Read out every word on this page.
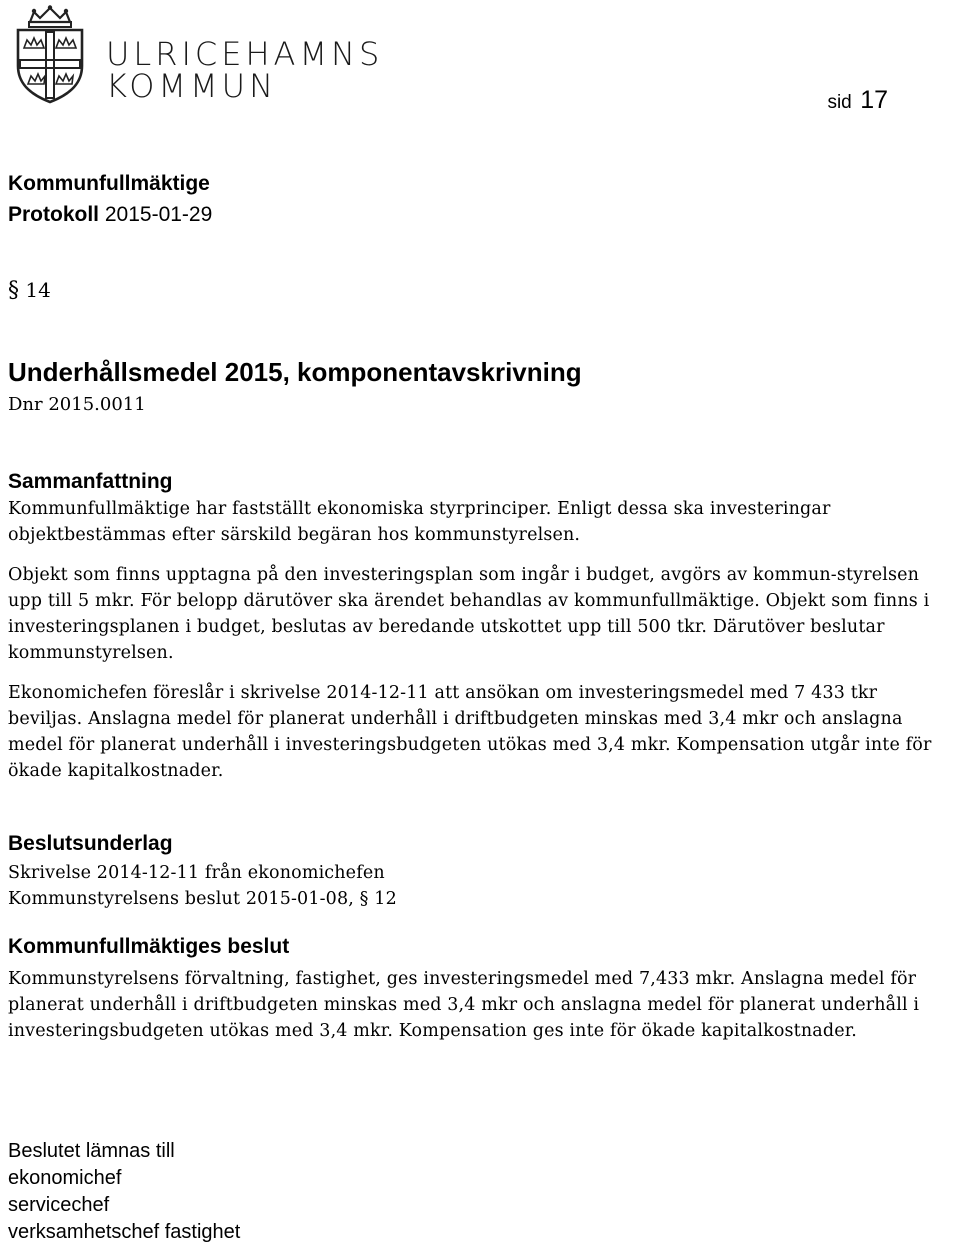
ULRICEHAMNS
KOMMUN	sid 17
Kommunfullmäktige
Protokoll 2015-01-29
§ 14
Underhållsmedel 2015, komponentavskrivning
Dnr 2015.0011
Sammanfattning

Kommunfullmäktige har fastställt ekonomiska styrprinciper. Enligt dessa ska investeringar objektbestämmas efter särskild begäran hos kommunstyrelsen.

Objekt som finns upptagna på den investeringsplan som ingår i budget, avgörs av kommun-styrelsen upp till 5 mkr. För belopp därutöver ska ärendet behandlas av kommunfullmäktige. Objekt som finns i investeringsplanen i budget, beslutas av beredande utskottet upp till 500 tkr. Därutöver beslutar kommunstyrelsen.

Ekonomichefen föreslår i skrivelse 2014-12-11 att ansökan om investeringsmedel med 7 433 tkr beviljas. Anslagna medel för planerat underhåll i driftbudgeten minskas med 3,4 mkr och anslagna medel för planerat underhåll i investeringsbudgeten utökas med 3,4 mkr. Kompensation utgår inte för ökade kapitalkostnader.

Beslutsunderlag

Skrivelse 2014-12-11 från ekonomichefen

Kommunstyrelsens beslut 2015-01-08, § 12

Kommunfullmäktiges beslut
Kommunstyrelsens förvaltning, fastighet, ges investeringsmedel med 7,433 mkr. Anslagna medel för planerat underhåll i driftbudgeten minskas med 3,4 mkr och anslagna medel för planerat underhåll i investeringsbudgeten utökas med 3,4 mkr. Kompensation ges inte för ökade kapitalkostnader.
Beslutet lämnas till
ekonomichef
servicechef
verksamhetschef fastighet
